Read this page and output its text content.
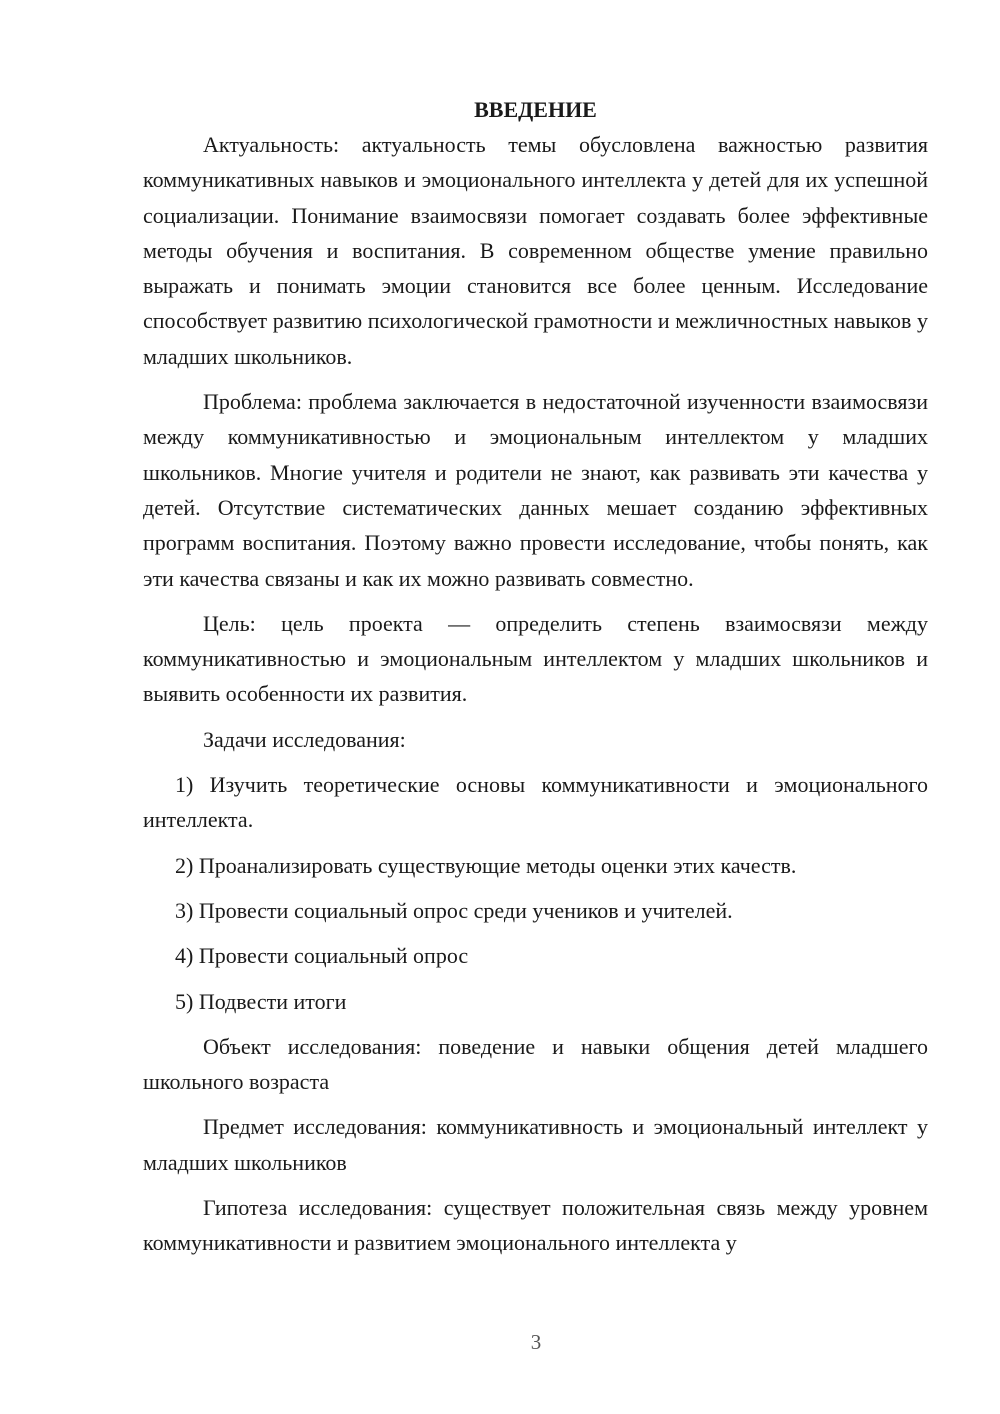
ВВЕДЕНИЕ

Актуальность: актуальность темы обусловлена важностью развития коммуникативных навыков и эмоционального интеллекта у детей для их успешной социализации. Понимание взаимосвязи помогает создавать более эффективные методы обучения и воспитания. В современном обществе умение правильно выражать и понимать эмоции становится все более ценным. Исследование способствует развитию психологической грамотности и межличностных навыков у младших школьников.

Проблема: проблема заключается в недостаточной изученности взаимосвязи между коммуникативностью и эмоциональным интеллектом у младших школьников. Многие учителя и родители не знают, как развивать эти качества у детей. Отсутствие систематических данных мешает созданию эффективных программ воспитания. Поэтому важно провести исследование, чтобы понять, как эти качества связаны и как их можно развивать совместно.

Цель: цель проекта — определить степень взаимосвязи между коммуникативностью и эмоциональным интеллектом у младших школьников и выявить особенности их развития.

Задачи исследования:

1) Изучить теоретические основы коммуникативности и эмоционального интеллекта.

2) Проанализировать существующие методы оценки этих качеств.

3) Провести социальный опрос среди учеников и учителей.

4) Провести социальный опрос

5) Подвести итоги

Объект исследования: поведение и навыки общения детей младшего школьного возраста

Предмет исследования: коммуникативность и эмоциональный интеллект у младших школьников

Гипотеза исследования: существует положительная связь между уровнем коммуникативности и развитием эмоционального интеллекта у

3
